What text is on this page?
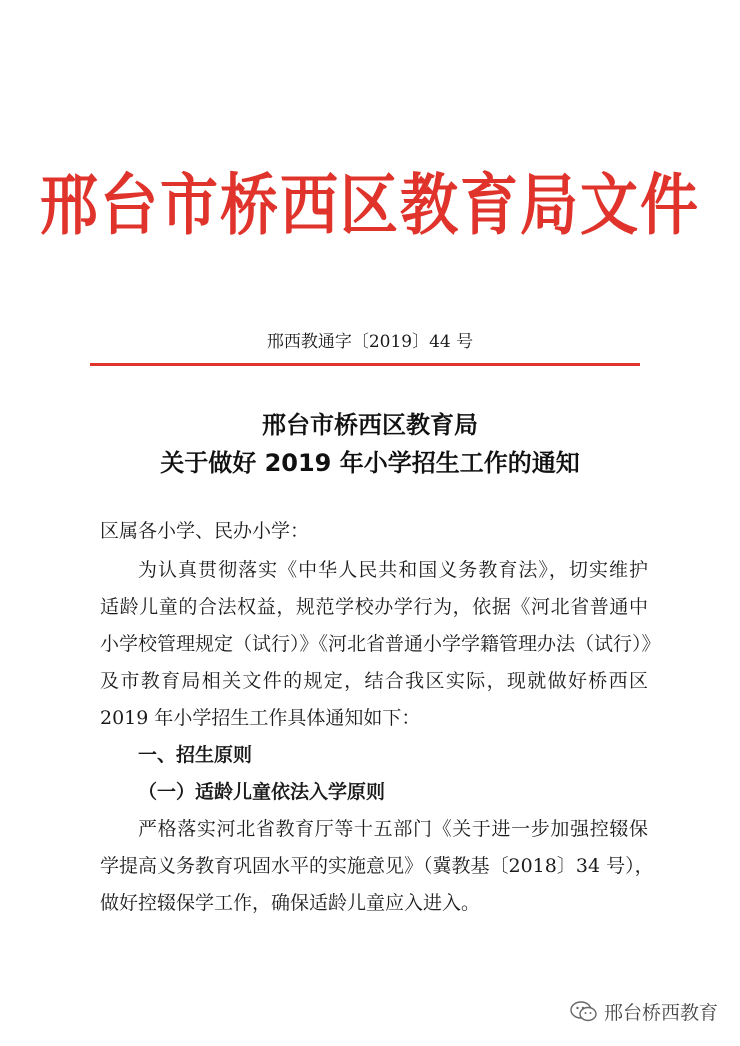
邢台市桥西区教育局文件
邢西教通字〔2019〕44 号
邢台市桥西区教育局
关于做好 2019 年小学招生工作的通知
区属各小学、民办小学：
为认真贯彻落实《中华人民共和国义务教育法》，切实维护
适龄儿童的合法权益，规范学校办学行为，依据《河北省普通中
小学校管理规定（试行）》《河北省普通小学学籍管理办法（试行）》
及市教育局相关文件的规定，结合我区实际，现就做好桥西区
2019 年小学招生工作具体通知如下：
一、招生原则
（一）适龄儿童依法入学原则
严格落实河北省教育厅等十五部门《关于进一步加强控辍保
学提高义务教育巩固水平的实施意见》（冀教基〔2018〕34 号），
做好控辍保学工作，确保适龄儿童应入进入。
邢台桥西教育
